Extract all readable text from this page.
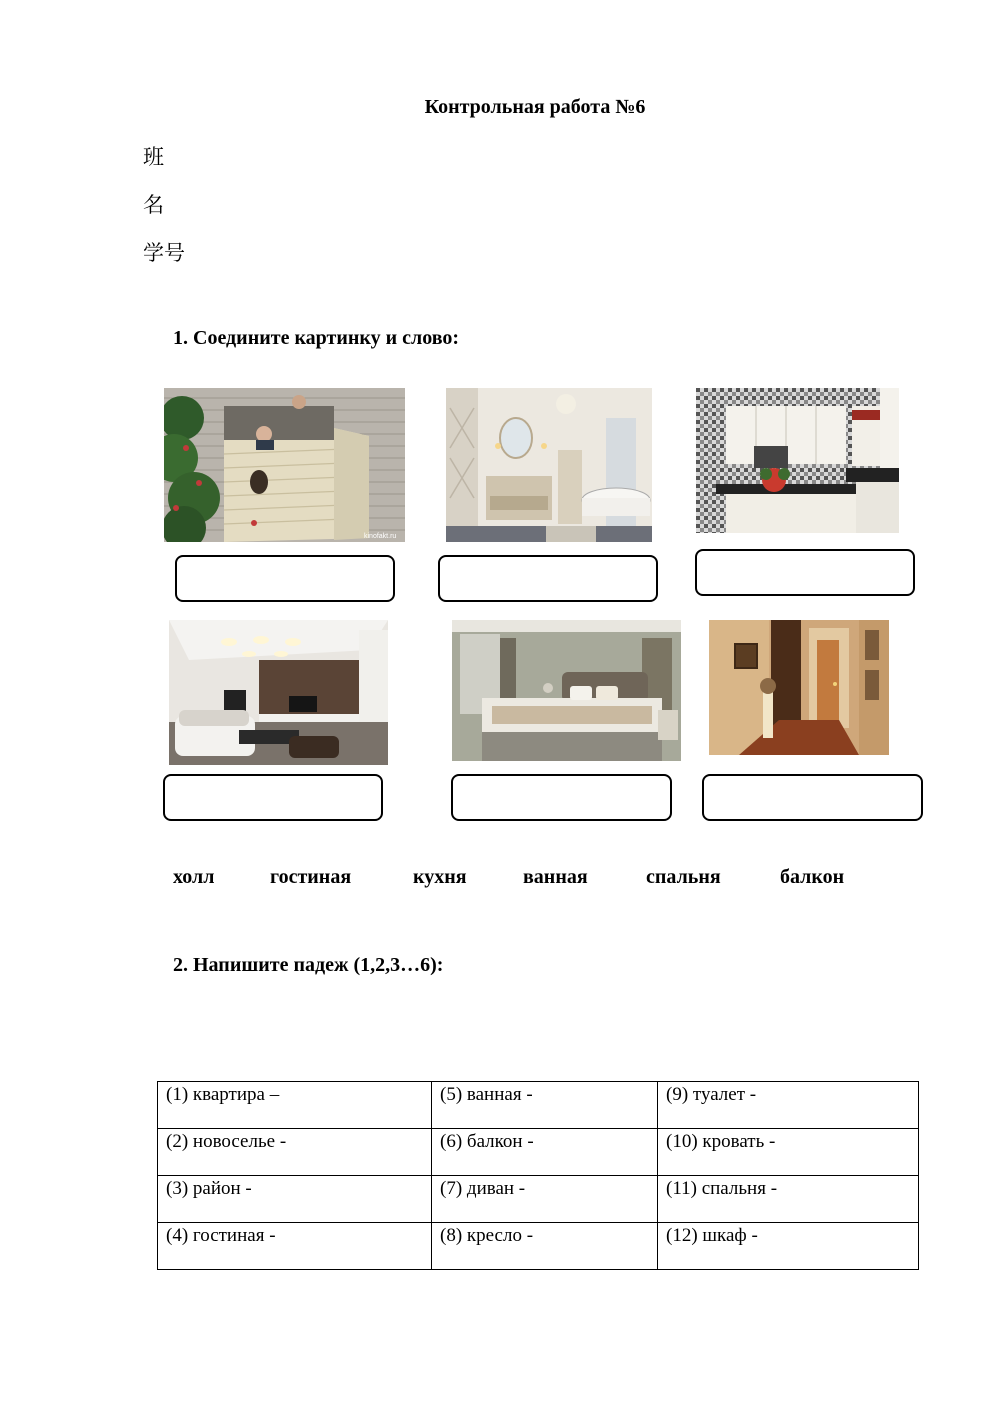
Контрольная работа №6
班
名
学号
1. Соедините картинку и слово:
kinofakt.ru
холл	гостиная	кухня	ванная	спальня	балкон
2. Напишите падеж (1,2,3…6):
(1) квартира –	(5) ванная -	(9) туалет -
(2) новоселье -	(6) балкон -	(10) кровать -
(3) район -	(7) диван -	(11) спальня -
(4) гостиная -	(8) кресло -	(12) шкаф -
